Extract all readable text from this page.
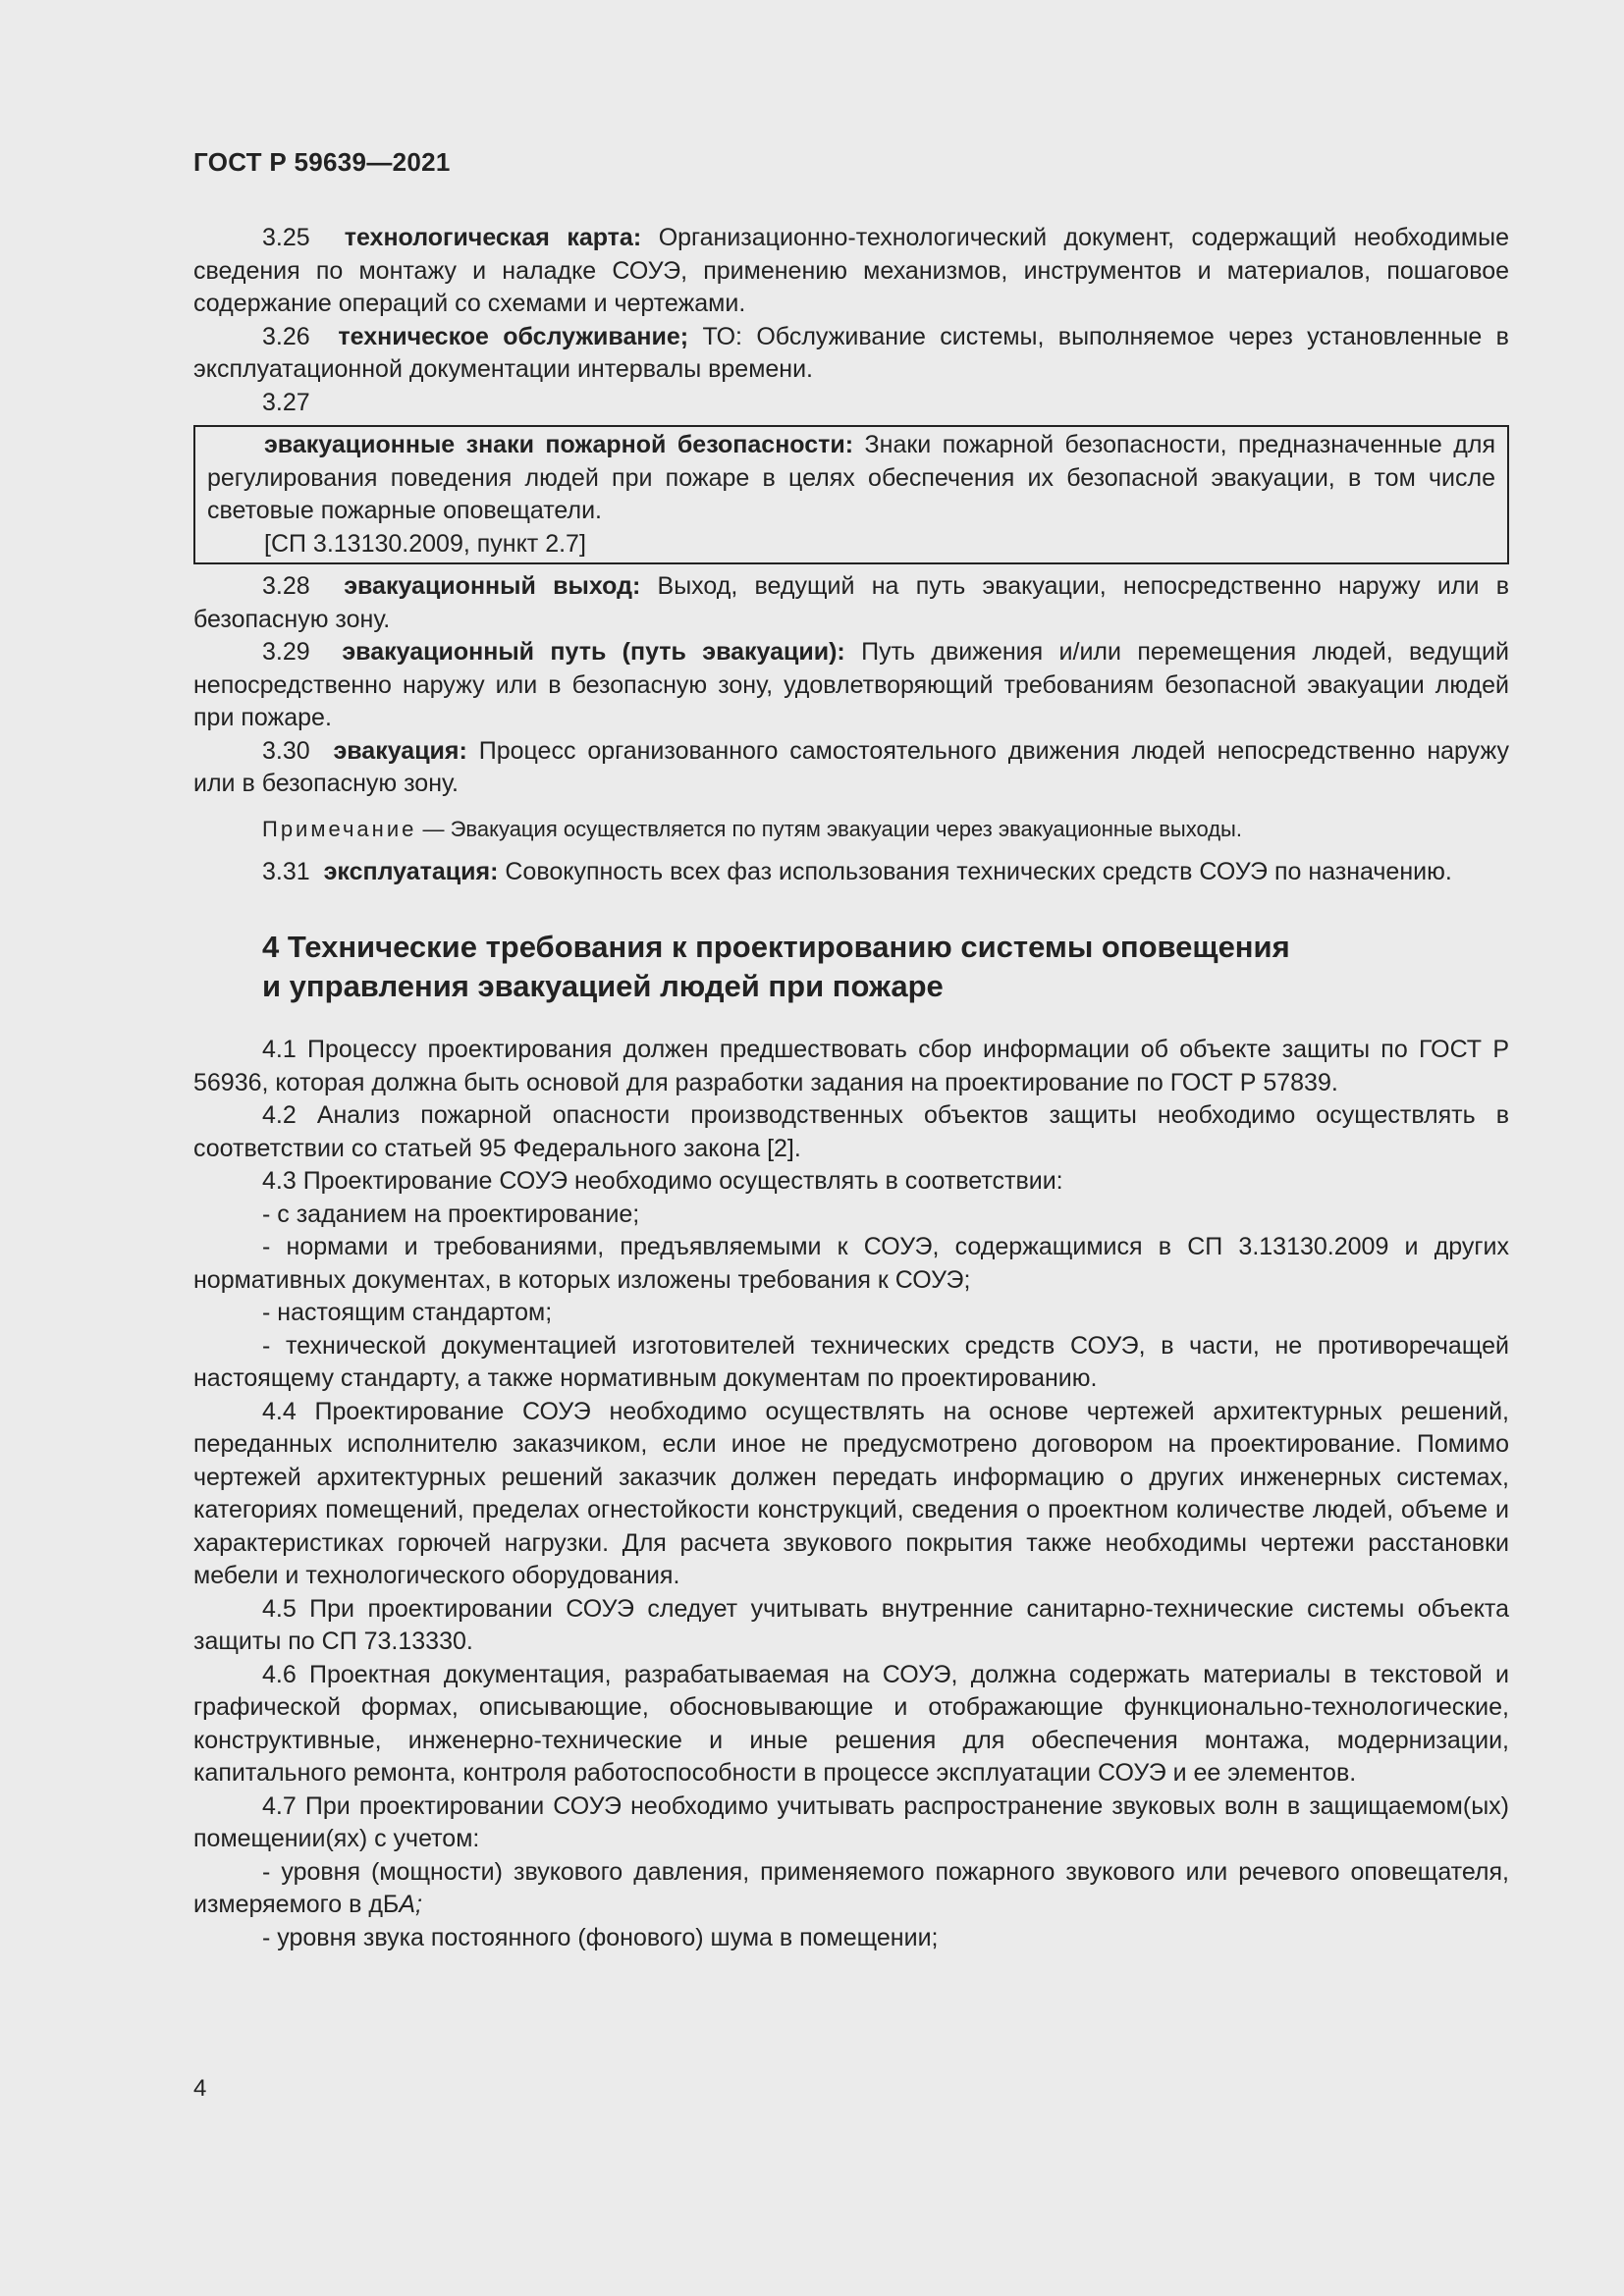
ГОСТ Р 59639—2021

3.25 технологическая карта: Организационно-технологический документ, содержащий необходимые сведения по монтажу и наладке СОУЭ, применению механизмов, инструментов и материалов, пошаговое содержание операций со схемами и чертежами.

3.26 техническое обслуживание; ТО: Обслуживание системы, выполняемое через установленные в эксплуатационной документации интервалы времени.

3.27

эвакуационные знаки пожарной безопасности: Знаки пожарной безопасности, предназначенные для регулирования поведения людей при пожаре в целях обеспечения их безопасной эвакуации, в том числе световые пожарные оповещатели.

[СП 3.13130.2009, пункт 2.7]

3.28 эвакуационный выход: Выход, ведущий на путь эвакуации, непосредственно наружу или в безопасную зону.

3.29 эвакуационный путь (путь эвакуации): Путь движения и/или перемещения людей, ведущий непосредственно наружу или в безопасную зону, удовлетворяющий требованиям безопасной эвакуации людей при пожаре.

3.30 эвакуация: Процесс организованного самостоятельного движения людей непосредственно наружу или в безопасную зону.

Примечание — Эвакуация осуществляется по путям эвакуации через эвакуационные выходы.

3.31 эксплуатация: Совокупность всех фаз использования технических средств СОУЭ по назначению.

4 Технические требования к проектированию системы оповещения
и управления эвакуацией людей при пожаре

4.1 Процессу проектирования должен предшествовать сбор информации об объекте защиты по ГОСТ Р 56936, которая должна быть основой для разработки задания на проектирование по ГОСТ Р 57839.

4.2 Анализ пожарной опасности производственных объектов защиты необходимо осуществлять в соответствии со статьей 95 Федерального закона [2].

4.3 Проектирование СОУЭ необходимо осуществлять в соответствии:

- с заданием на проектирование;

- нормами и требованиями, предъявляемыми к СОУЭ, содержащимися в СП 3.13130.2009 и других нормативных документах, в которых изложены требования к СОУЭ;

- настоящим стандартом;

- технической документацией изготовителей технических средств СОУЭ, в части, не противоречащей настоящему стандарту, а также нормативным документам по проектированию.

4.4 Проектирование СОУЭ необходимо осуществлять на основе чертежей архитектурных решений, переданных исполнителю заказчиком, если иное не предусмотрено договором на проектирование. Помимо чертежей архитектурных решений заказчик должен передать информацию о других инженерных системах, категориях помещений, пределах огнестойкости конструкций, сведения о проектном количестве людей, объеме и характеристиках горючей нагрузки. Для расчета звукового покрытия также необходимы чертежи расстановки мебели и технологического оборудования.

4.5 При проектировании СОУЭ следует учитывать внутренние санитарно-технические системы объекта защиты по СП 73.13330.

4.6 Проектная документация, разрабатываемая на СОУЭ, должна содержать материалы в текстовой и графической формах, описывающие, обосновывающие и отображающие функционально-технологические, конструктивные, инженерно-технические и иные решения для обеспечения монтажа, модернизации, капитального ремонта, контроля работоспособности в процессе эксплуатации СОУЭ и ее элементов.

4.7 При проектировании СОУЭ необходимо учитывать распространение звуковых волн в защищаемом(ых) помещении(ях) с учетом:

- уровня (мощности) звукового давления, применяемого пожарного звукового или речевого оповещателя, измеряемого в дБА;

- уровня звука постоянного (фонового) шума в помещении;

4
